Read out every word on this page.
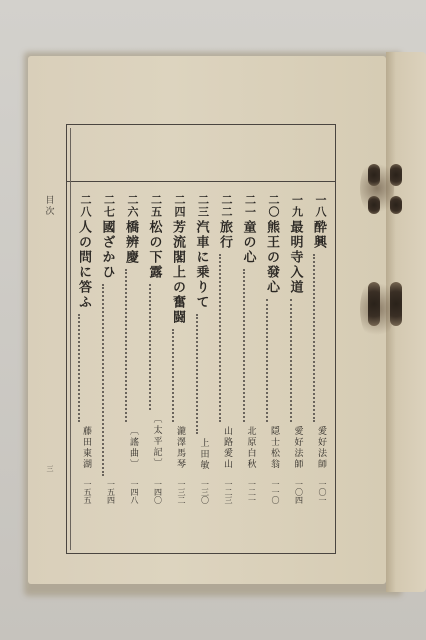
目次
三
一八
酔興
愛好法師
一〇一
一九
最明寺入道
愛好法師
一〇四
二〇
熊王の發心
隠士松翁
一一〇
二一
童の心
北原白秋
一二一
二二
旅行
山路愛山
一二三
二三
汽車に乗りて
上田敏
一三〇
二四
芳流閣上の奮闘
瀧澤馬琴
一三二
二五
松の下露
〔太平記〕
一四〇
二六
橋辨慶
〔謠曲〕
一四八
二七
國ざかひ
一五四
二八
人の問に答ふ
藤田東湖
一五五
